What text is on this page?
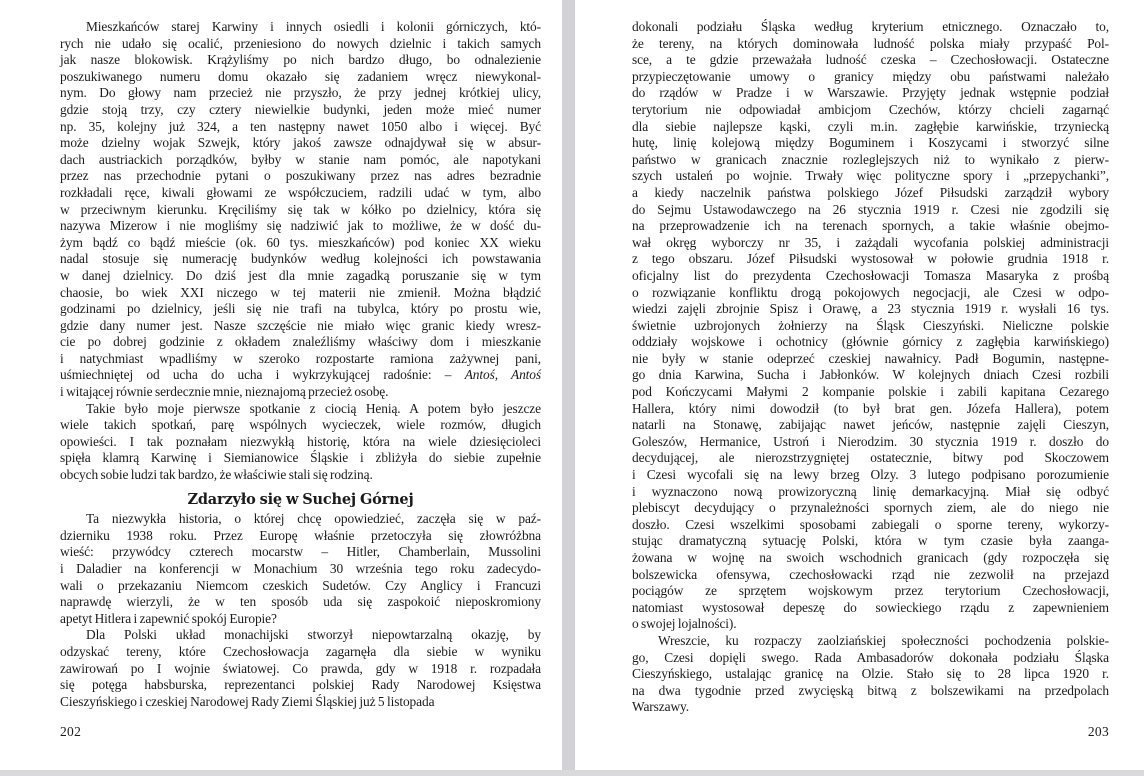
Mieszkańców starej Karwiny i innych osiedli i kolonii górniczych, któ-
rych nie udało się ocalić, przeniesiono do nowych dzielnic i takich samych
jak nasze blokowisk. Krążyliśmy po nich bardzo długo, bo odnalezienie
poszukiwanego numeru domu okazało się zadaniem wręcz niewykonal-
nym. Do głowy nam przecież nie przyszło, że przy jednej krótkiej ulicy,
gdzie stoją trzy, czy cztery niewielkie budynki, jeden może mieć numer
np. 35, kolejny już 324, a ten następny nawet 1050 albo i więcej. Być
może dzielny wojak Szwejk, który jakoś zawsze odnajdywał się w absur-
dach austriackich porządków, byłby w stanie nam pomóc, ale napotykani
przez nas przechodnie pytani o poszukiwany przez nas adres bezradnie
rozkładali ręce, kiwali głowami ze współczuciem, radzili udać w tym, albo
w przeciwnym kierunku. Kręciliśmy się tak w kółko po dzielnicy, która się
nazywa Mizerow i nie mogliśmy się nadziwić jak to możliwe, że w dość du-
żym bądź co bądź mieście (ok. 60 tys. mieszkańców) pod koniec XX wieku
nadal stosuje się numerację budynków według kolejności ich powstawania
w danej dzielnicy. Do dziś jest dla mnie zagadką poruszanie się w tym
chaosie, bo wiek XXI niczego w tej materii nie zmienił. Można błądzić
godzinami po dzielnicy, jeśli się nie trafi na tubylca, który po prostu wie,
gdzie dany numer jest. Nasze szczęście nie miało więc granic kiedy wresz-
cie po dobrej godzinie z okładem znaleźliśmy właściwy dom i mieszkanie
i natychmiast wpadliśmy w szeroko rozpostarte ramiona zażywnej pani,
uśmiechniętej od ucha do ucha i wykrzykującej radośnie: – Antoś, Antoś
i witającej równie serdecznie mnie, nieznajomą przecież osobę.

Takie było moje pierwsze spotkanie z ciocią Henią. A potem było jeszcze
wiele takich spotkań, parę wspólnych wycieczek, wiele rozmów, długich
opowieści. I tak poznałam niezwykłą historię, która na wiele dziesięcioleci
spięła klamrą Karwinę i Siemianowice Śląskie i zbliżyła do siebie zupełnie
obcych sobie ludzi tak bardzo, że właściwie stali się rodziną.

Zdarzyło się w Suchej Górnej

Ta niezwykła historia, o której chcę opowiedzieć, zaczęła się w paź-
dzierniku 1938 roku. Przez Europę właśnie przetoczyła się złowróżbna
wieść: przywódcy czterech mocarstw – Hitler, Chamberlain, Mussolini
i Daladier na konferencji w Monachium 30 września tego roku zadecydo-
wali o przekazaniu Niemcom czeskich Sudetów. Czy Anglicy i Francuzi
naprawdę wierzyli, że w ten sposób uda się zaspokoić nieposkromiony
apetyt Hitlera i zapewnić spokój Europie?

Dla Polski układ monachijski stworzył niepowtarzalną okazję, by
odzyskać tereny, które Czechosłowacja zagarnęła dla siebie w wyniku
zawirowań po I wojnie światowej. Co prawda, gdy w 1918 r. rozpadała
się potęga habsburska, reprezentanci polskiej Rady Narodowej Księstwa
Cieszyńskiego i czeskiej Narodowej Rady Ziemi Śląskiej już 5 listopada

dokonali podziału Śląska według kryterium etnicznego. Oznaczało to,
że tereny, na których dominowała ludność polska miały przypaść Pol-
sce, a te gdzie przeważała ludność czeska – Czechosłowacji. Ostateczne
przypieczętowanie umowy o granicy między obu państwami należało
do rządów w Pradze i w Warszawie. Przyjęty jednak wstępnie podział
terytorium nie odpowiadał ambicjom Czechów, którzy chcieli zagarnąć
dla siebie najlepsze kąski, czyli m.in. zagłębie karwińskie, trzyniecką
hutę, linię kolejową między Boguminem i Koszycami i stworzyć silne
państwo w granicach znacznie rozleglejszych niż to wynikało z pierw-
szych ustaleń po wojnie. Trwały więc polityczne spory i „przepychanki”,
a kiedy naczelnik państwa polskiego Józef Piłsudski zarządził wybory
do Sejmu Ustawodawczego na 26 stycznia 1919 r. Czesi nie zgodzili się
na przeprowadzenie ich na terenach spornych, a takie właśnie obejmo-
wał okręg wyborczy nr 35, i zażądali wycofania polskiej administracji
z tego obszaru. Józef Piłsudski wystosował w połowie grudnia 1918 r.
oficjalny list do prezydenta Czechosłowacji Tomasza Masaryka z prośbą
o rozwiązanie konfliktu drogą pokojowych negocjacji, ale Czesi w odpo-
wiedzi zajęli zbrojnie Spisz i Orawę, a 23 stycznia 1919 r. wysłali 16 tys.
świetnie uzbrojonych żołnierzy na Śląsk Cieszyński. Nieliczne polskie
oddziały wojskowe i ochotnicy (głównie górnicy z zagłębia karwińskiego)
nie były w stanie odeprzeć czeskiej nawałnicy. Padł Bogumin, następne-
go dnia Karwina, Sucha i Jabłonków. W kolejnych dniach Czesi rozbili
pod Kończycami Małymi 2 kompanie polskie i zabili kapitana Cezarego
Hallera, który nimi dowodził (to był brat gen. Józefa Hallera), potem
natarli na Stonawę, zabijając nawet jeńców, następnie zajęli Cieszyn,
Goleszów, Hermanice, Ustroń i Nierodzim. 30 stycznia 1919 r. doszło do
decydującej, ale nierozstrzygniętej ostatecznie, bitwy pod Skoczowem
i Czesi wycofali się na lewy brzeg Olzy. 3 lutego podpisano porozumienie
i wyznaczono nową prowizoryczną linię demarkacyjną. Miał się odbyć
plebiscyt decydujący o przynależności spornych ziem, ale do niego nie
doszło. Czesi wszelkimi sposobami zabiegali o sporne tereny, wykorzy-
stując dramatyczną sytuację Polski, która w tym czasie była zaanga-
żowana w wojnę na swoich wschodnich granicach (gdy rozpoczęła się
bolszewicka ofensywa, czechosłowacki rząd nie zezwolił na przejazd
pociągów ze sprzętem wojskowym przez terytorium Czechosłowacji,
natomiast wystosował depeszę do sowieckiego rządu z zapewnieniem
o swojej lojalności).

Wreszcie, ku rozpaczy zaolziańskiej społeczności pochodzenia polskie-
go, Czesi dopięli swego. Rada Ambasadorów dokonała podziału Śląska
Cieszyńskiego, ustalając granicę na Olzie. Stało się to 28 lipca 1920 r.
na dwa tygodnie przed zwycięską bitwą z bolszewikami na przedpolach
Warszawy.

202	203
